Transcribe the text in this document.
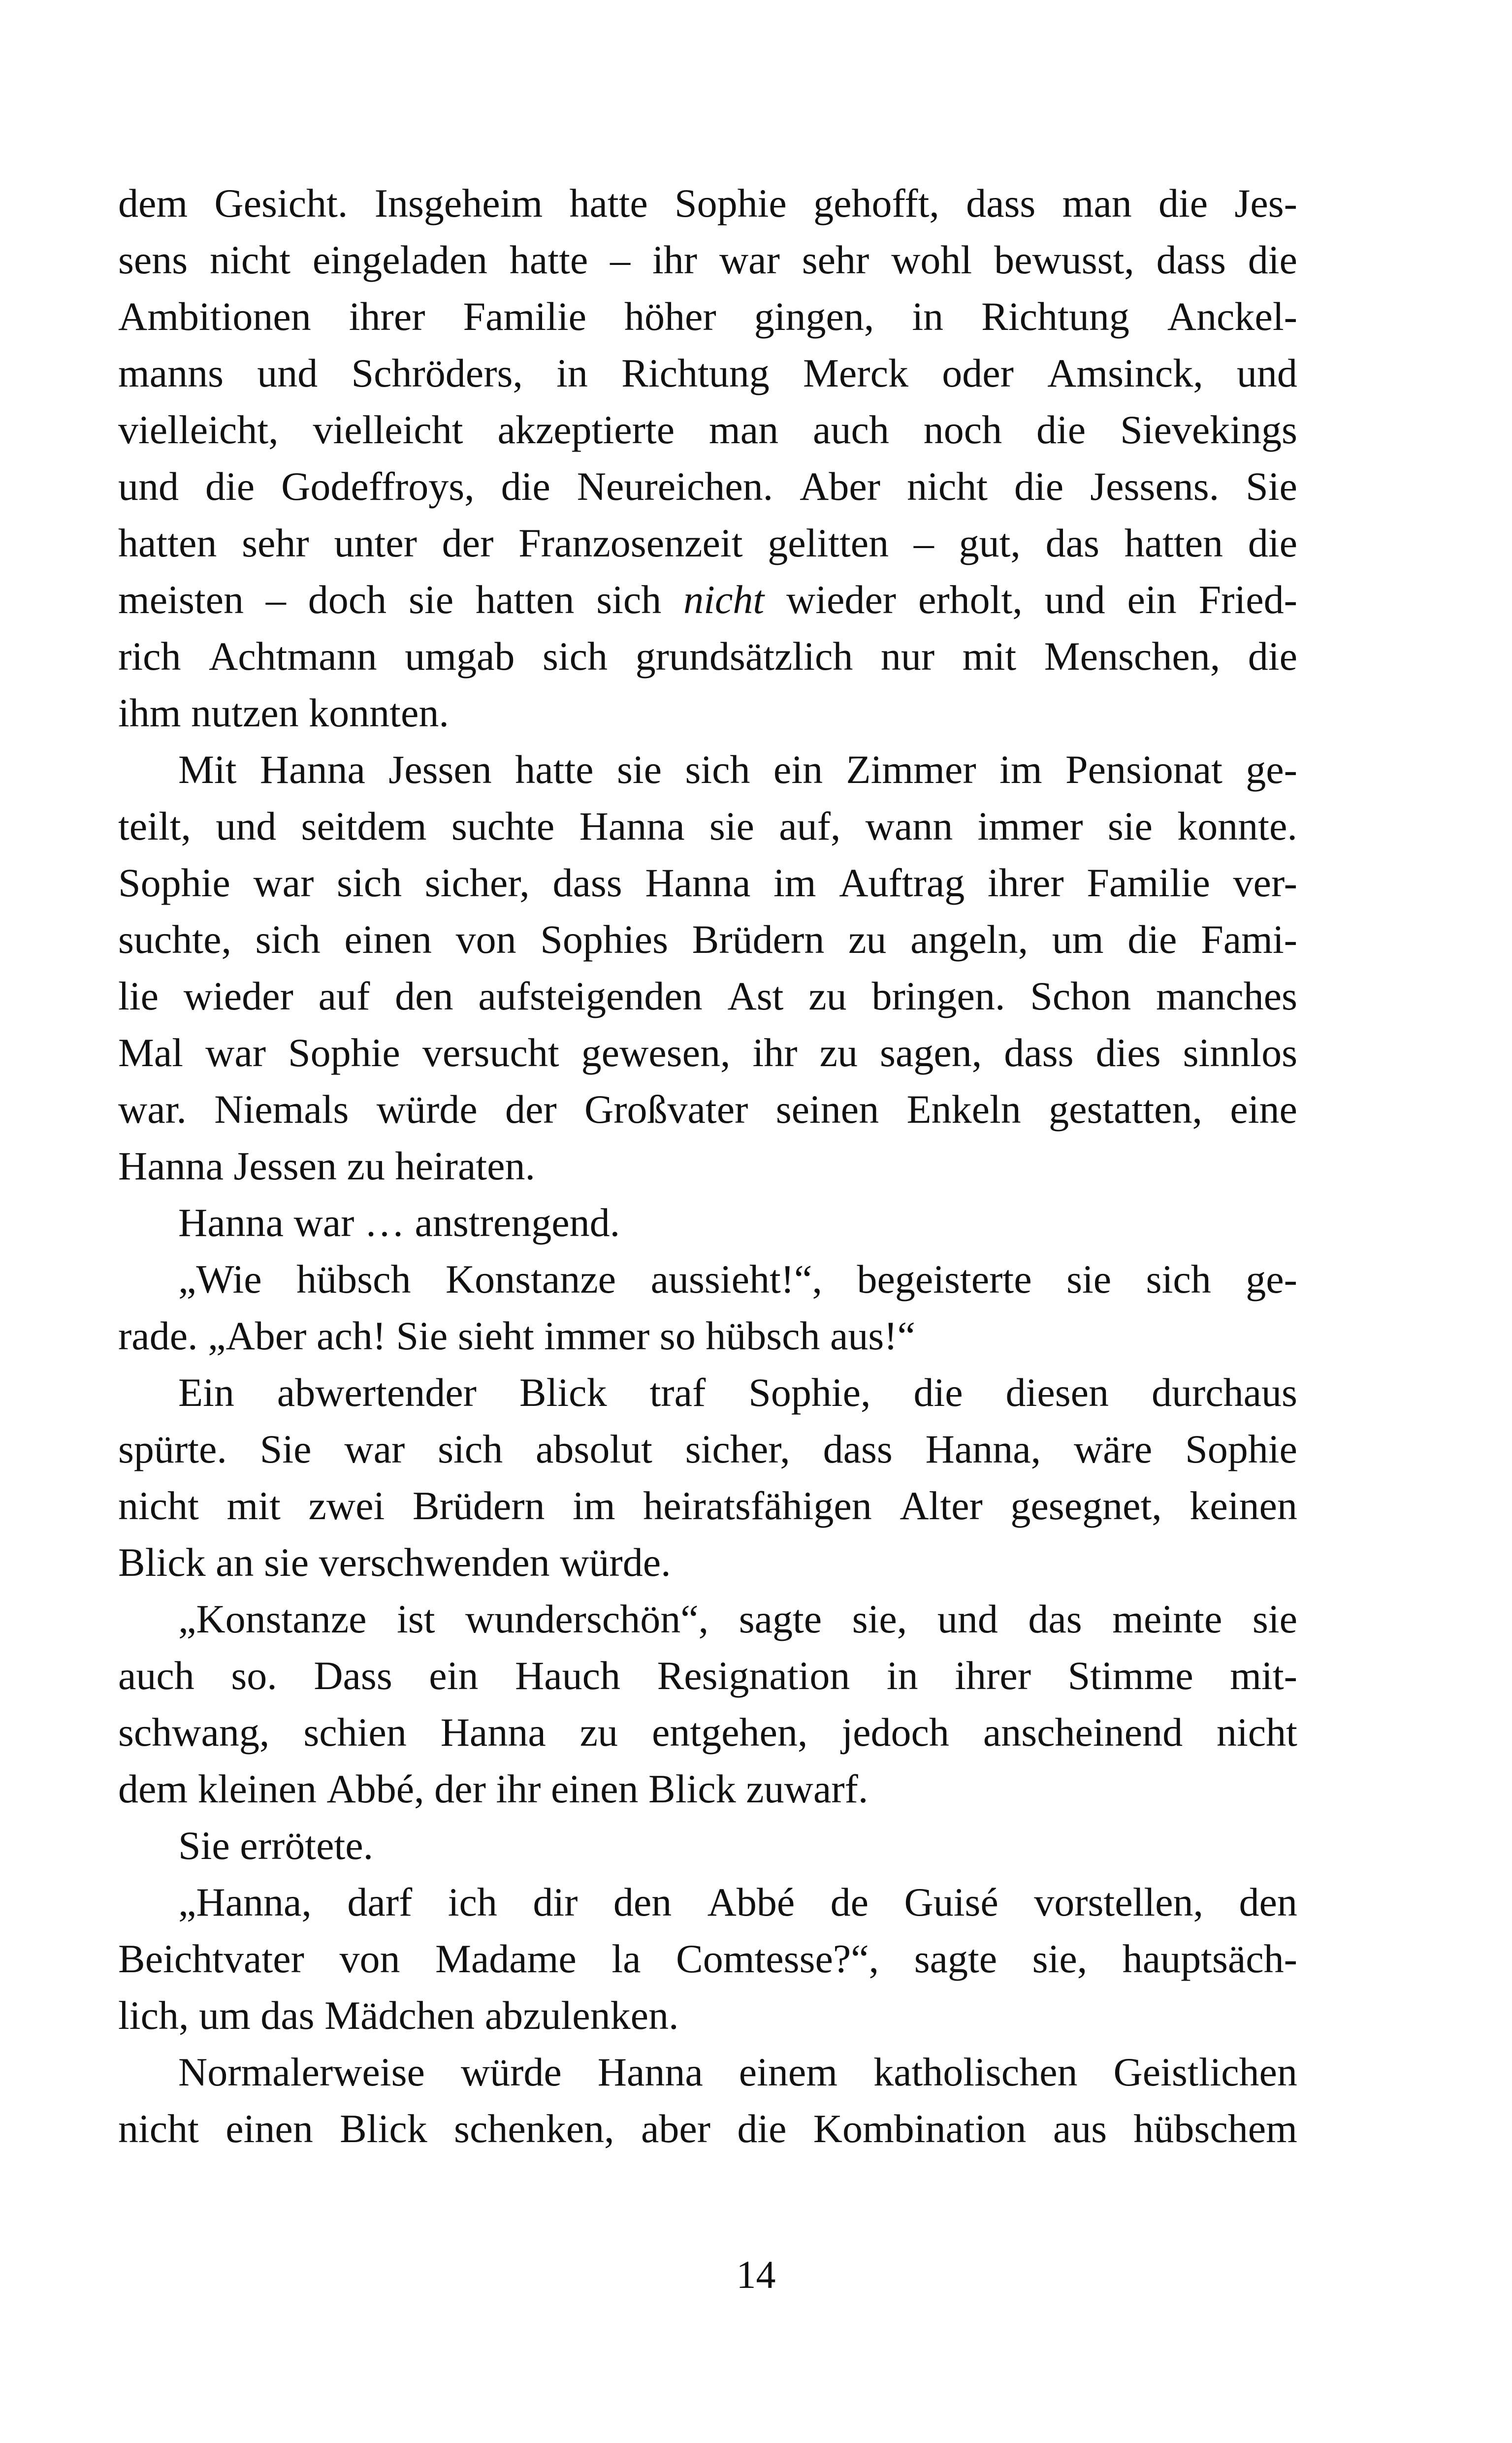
dem Gesicht. Insgeheim hatte Sophie gehofft, dass man die Jes-
sens nicht eingeladen hatte – ihr war sehr wohl bewusst, dass die
Ambitionen ihrer Familie höher gingen, in Richtung Anckel-
manns und Schröders, in Richtung Merck oder Amsinck, und
vielleicht, vielleicht akzeptierte man auch noch die Sievekings
und die Godeffroys, die Neureichen. Aber nicht die Jessens. Sie
hatten sehr unter der Franzosenzeit gelitten – gut, das hatten die
meisten – doch sie hatten sich nicht wieder erholt, und ein Fried-
rich Achtmann umgab sich grundsätzlich nur mit Menschen, die
ihm nutzen konnten.
Mit Hanna Jessen hatte sie sich ein Zimmer im Pensionat ge-
teilt, und seitdem suchte Hanna sie auf, wann immer sie konnte.
Sophie war sich sicher, dass Hanna im Auftrag ihrer Familie ver-
suchte, sich einen von Sophies Brüdern zu angeln, um die Fami-
lie wieder auf den aufsteigenden Ast zu bringen. Schon manches
Mal war Sophie versucht gewesen, ihr zu sagen, dass dies sinnlos
war. Niemals würde der Großvater seinen Enkeln gestatten, eine
Hanna Jessen zu heiraten.
Hanna war … anstrengend.
„Wie hübsch Konstanze aussieht!“, begeisterte sie sich ge-
rade. „Aber ach! Sie sieht immer so hübsch aus!“
Ein abwertender Blick traf Sophie, die diesen durchaus
spürte. Sie war sich absolut sicher, dass Hanna, wäre Sophie
nicht mit zwei Brüdern im heiratsfähigen Alter gesegnet, keinen
Blick an sie verschwenden würde.
„Konstanze ist wunderschön“, sagte sie, und das meinte sie
auch so. Dass ein Hauch Resignation in ihrer Stimme mit-
schwang, schien Hanna zu entgehen, jedoch anscheinend nicht
dem kleinen Abbé, der ihr einen Blick zuwarf.
Sie errötete.
„Hanna, darf ich dir den Abbé de Guisé vorstellen, den
Beichtvater von Madame la Comtesse?“, sagte sie, hauptsäch-
lich, um das Mädchen abzulenken.
Normalerweise würde Hanna einem katholischen Geistlichen
nicht einen Blick schenken, aber die Kombination aus hübschem
14
